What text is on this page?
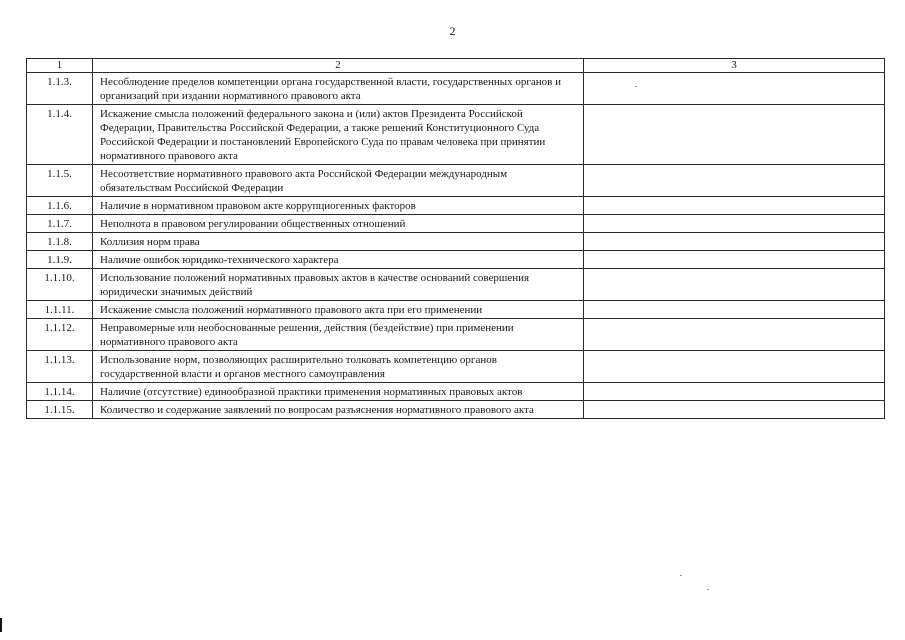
2
1	2	3
1.1.3.	Несоблюдение пределов компетенции органа государственной власти, государственных органов и организаций при издании нормативного правового акта	
1.1.4.	Искажение смысла положений федерального закона и (или) актов Президента Российской Федерации, Правительства Российской Федерации, а также решений Конституционного Суда Российской Федерации и постановлений Европейского Суда по правам человека при принятии нормативного правового акта	
1.1.5.	Несоответствие нормативного правового акта Российской Федерации международным обязательствам Российской Федерации	
1.1.6.	Наличие в нормативном правовом акте коррупциогенных факторов	
1.1.7.	Неполнота в правовом регулировании общественных отношений	
1.1.8.	Коллизия норм права	
1.1.9.	Наличие ошибок юридико-технического характера	
1.1.10.	Использование положений нормативных правовых актов в качестве оснований совершения юридически значимых действий	
1.1.11.	Искажение смысла положений нормативного правового акта при его применении	
1.1.12.	Неправомерные или необоснованные решения, действия (бездействие) при применении нормативного правового акта	
1.1.13.	Использование норм, позволяющих расширительно толковать компетенцию органов государственной власти и органов местного самоуправления	
1.1.14.	Наличие (отсутствие) единообразной практики применения нормативных правовых актов	
1.1.15.	Количество и содержание заявлений по вопросам разъяснения нормативного правового акта	
